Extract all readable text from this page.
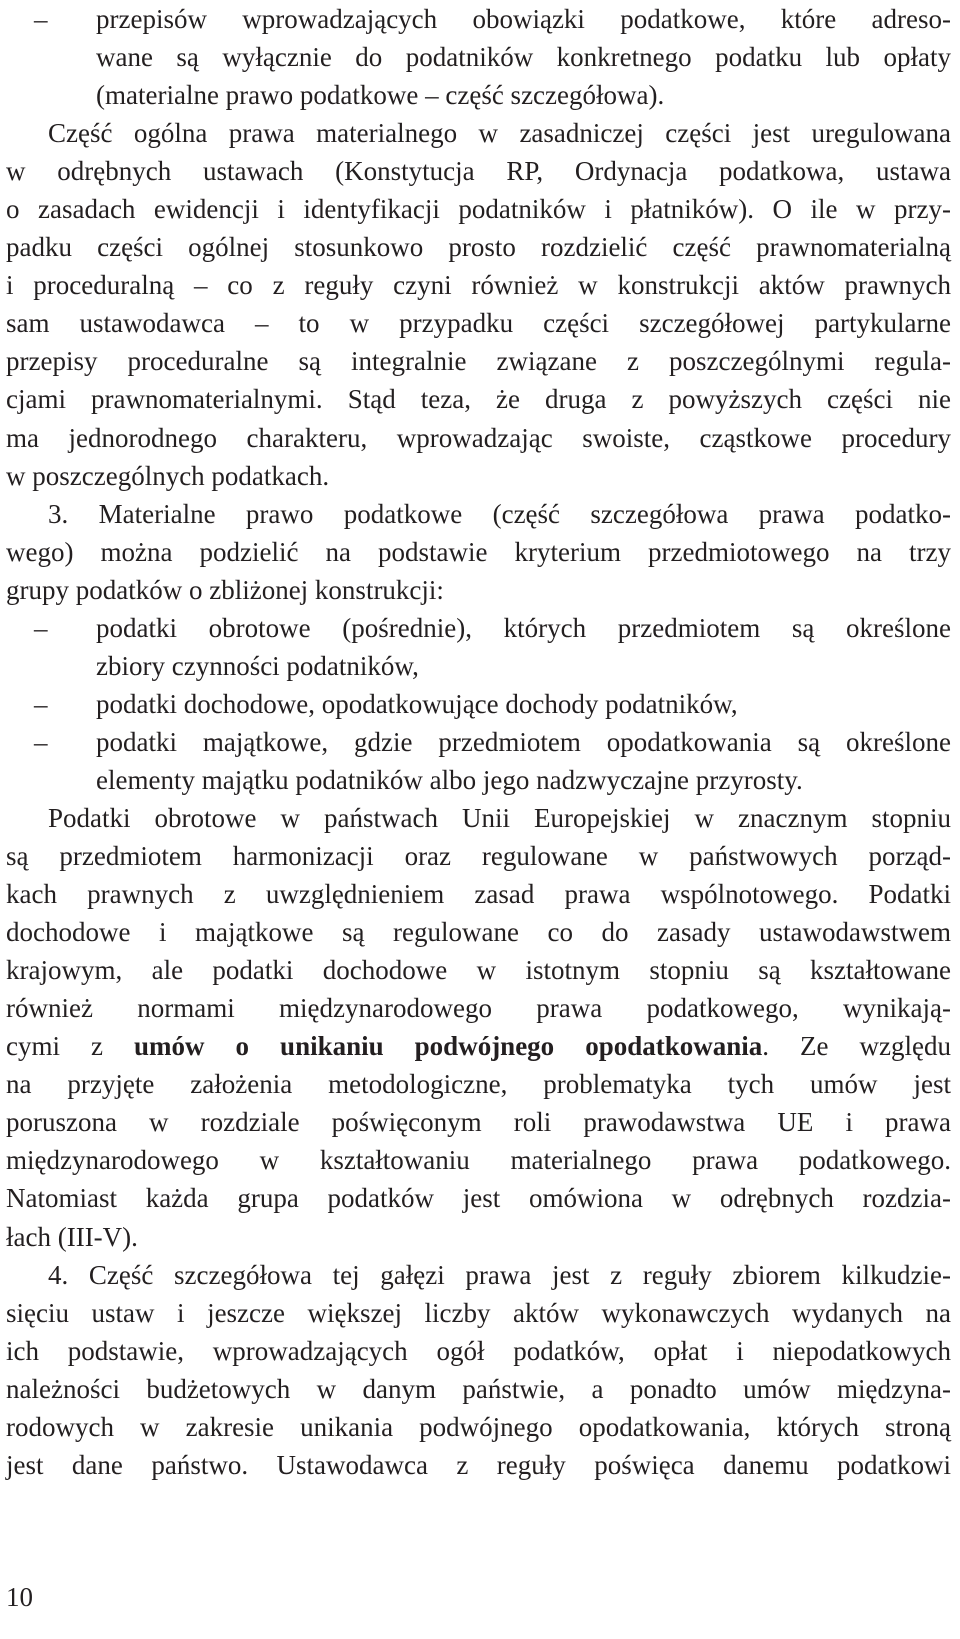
– przepisów wprowadzających obowiązki podatkowe, które adreso-
wane są wyłącznie do podatników konkretnego podatku lub opłaty
(materialne prawo podatkowe – część szczegółowa).
Część ogólna prawa materialnego w zasadniczej części jest uregulowana
w odrębnych ustawach (Konstytucja RP, Ordynacja podatkowa, ustawa
o zasadach ewidencji i identyfikacji podatników i płatników). O ile w przy-
padku części ogólnej stosunkowo prosto rozdzielić część prawnomaterialną
i proceduralną – co z reguły czyni również w konstrukcji aktów prawnych
sam ustawodawca – to w przypadku części szczegółowej partykularne
przepisy proceduralne są integralnie związane z poszczególnymi regula-
cjami prawnomaterialnymi. Stąd teza, że druga z powyższych części nie
ma jednorodnego charakteru, wprowadzając swoiste, cząstkowe procedury
w poszczególnych podatkach.
3. Materialne prawo podatkowe (część szczegółowa prawa podatko-
wego) można podzielić na podstawie kryterium przedmiotowego na trzy
grupy podatków o zbliżonej konstrukcji:
– podatki obrotowe (pośrednie), których przedmiotem są określone
zbiory czynności podatników,
– podatki dochodowe, opodatkowujące dochody podatników,
– podatki majątkowe, gdzie przedmiotem opodatkowania są określone
elementy majątku podatników albo jego nadzwyczajne przyrosty.
Podatki obrotowe w państwach Unii Europejskiej w znacznym stopniu
są przedmiotem harmonizacji oraz regulowane w państwowych porząd-
kach prawnych z uwzględnieniem zasad prawa wspólnotowego. Podatki
dochodowe i majątkowe są regulowane co do zasady ustawodawstwem
krajowym, ale podatki dochodowe w istotnym stopniu są kształtowane
również normami międzynarodowego prawa podatkowego, wynikają-
cymi z umów o unikaniu podwójnego opodatkowania. Ze względu
na przyjęte założenia metodologiczne, problematyka tych umów jest
poruszona w rozdziale poświęconym roli prawodawstwa UE i prawa
międzynarodowego w kształtowaniu materialnego prawa podatkowego.
Natomiast każda grupa podatków jest omówiona w odrębnych rozdzia-
łach (III-V).
4. Część szczegółowa tej gałęzi prawa jest z reguły zbiorem kilkudzie-
sięciu ustaw i jeszcze większej liczby aktów wykonawczych wydanych na
ich podstawie, wprowadzających ogół podatków, opłat i niepodatkowych
należności budżetowych w danym państwie, a ponadto umów międzyna-
rodowych w zakresie unikania podwójnego opodatkowania, których stroną
jest dane państwo. Ustawodawca z reguły poświęca danemu podatkowi
10
